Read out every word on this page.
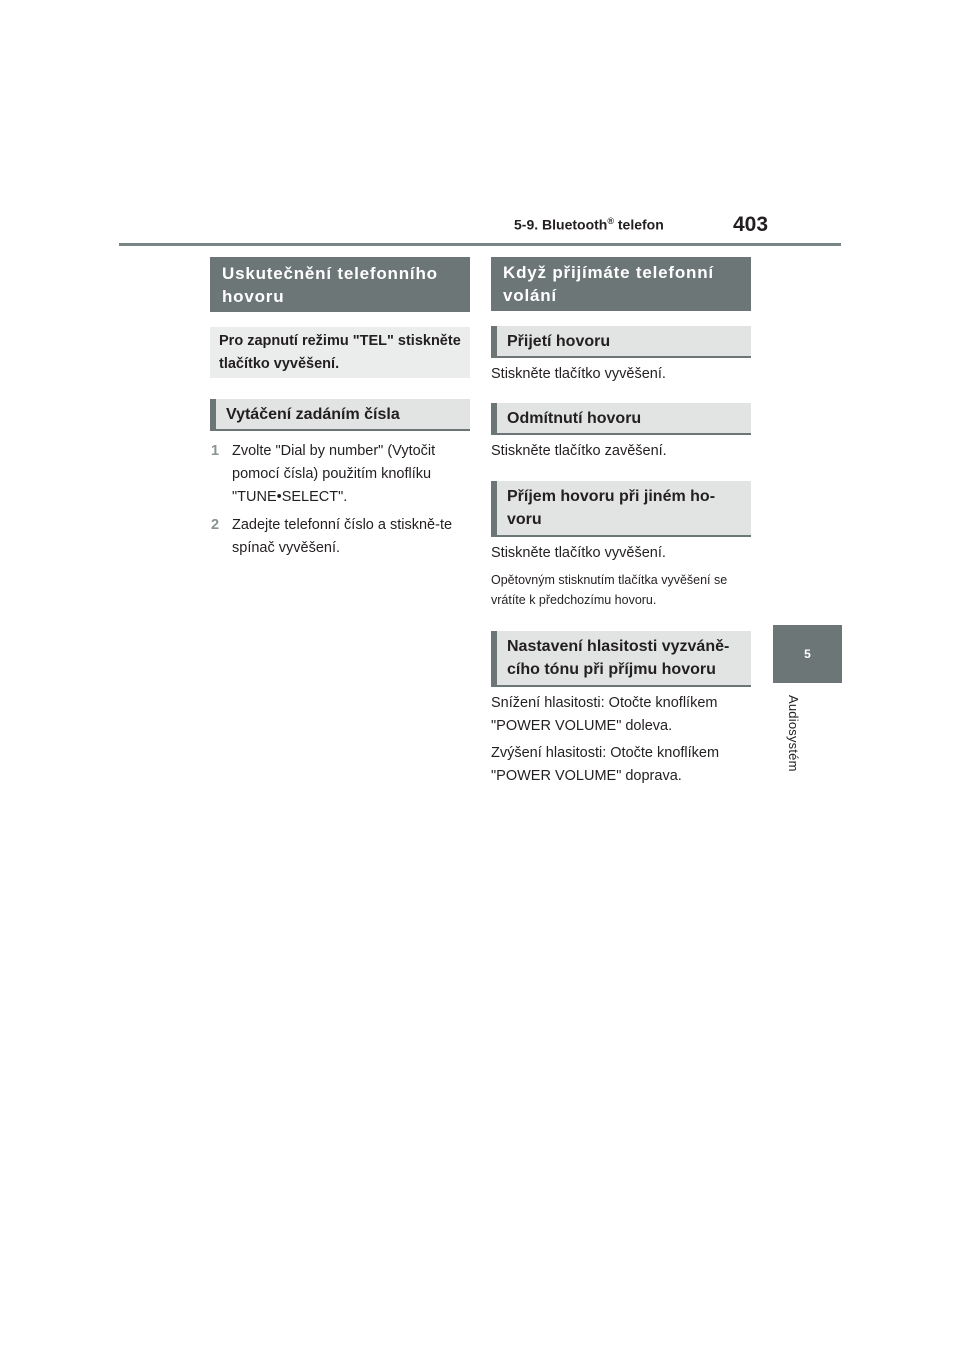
5-9. Bluetooth® telefon	403
5
Audiosystém
Uskutečnění telefonního hovoru
Pro zapnutí režimu "TEL" stiskněte tlačítko vyvěšení.
Vytáčení zadáním čísla
1 Zvolte "Dial by number" (Vytočit pomocí čísla) použitím knoflíku "TUNE•SELECT".
2 Zadejte telefonní číslo a stiskně-te spínač vyvěšení.
Když přijímáte telefonní volání
Přijetí hovoru
Stiskněte tlačítko vyvěšení.
Odmítnutí hovoru
Stiskněte tlačítko zavěšení.
Příjem hovoru při jiném ho-voru
Stiskněte tlačítko vyvěšení.
Opětovným stisknutím tlačítka vyvěšení se vrátíte k předchozímu hovoru.
Nastavení hlasitosti vyzváně-cího tónu při příjmu hovoru
Snížení hlasitosti: Otočte knoflíkem "POWER VOLUME" doleva.
Zvýšení hlasitosti: Otočte knoflíkem "POWER VOLUME" doprava.
